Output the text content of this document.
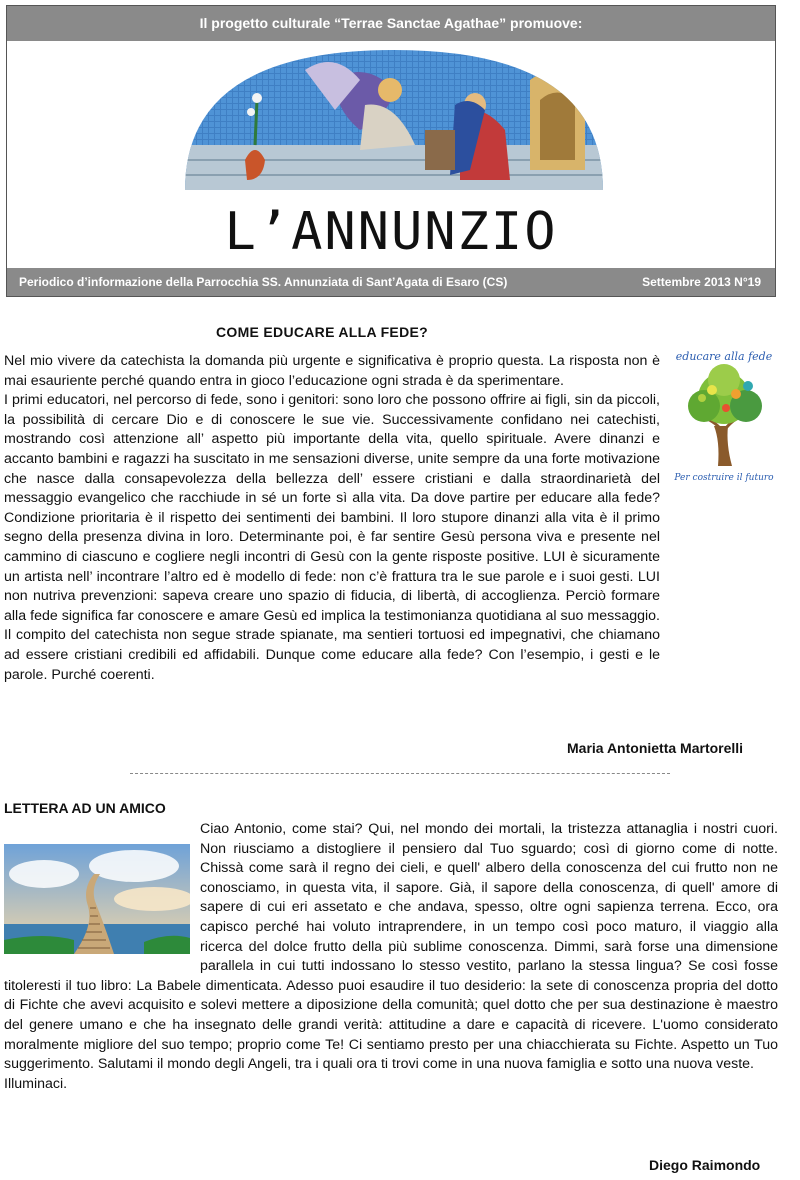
Il progetto culturale “Terrae Sanctae Agathae” promuove:
L’ANNUNZIO
Periodico d’informazione della Parrocchia SS. Annunziata di Sant’Agata di Esaro (CS)	Settembre 2013 N°19
COME EDUCARE ALLA FEDE?
educare alla fede
Per costruire il futuro

Nel mio vivere da catechista la domanda più urgente e significativa è proprio questa. La risposta non è mai esauriente perché quando entra in gioco l’educazione ogni strada è da sperimentare.

I primi educatori, nel percorso di fede, sono i genitori: sono loro che possono offrire ai figli, sin da piccoli, la possibilità di cercare Dio e di conoscere le sue vie. Successivamente confidano nei catechisti, mostrando così attenzione all’ aspetto più importante della vita, quello spirituale. Avere dinanzi e accanto bambini e ragazzi ha suscitato in me sensazioni diverse, unite sempre da una forte motivazione che nasce dalla consapevolezza della bellezza dell’ essere cristiani e dalla straordinarietà del messaggio evangelico che racchiude in sé un forte sì alla vita. Da dove partire per educare alla fede? Condizione prioritaria è il rispetto dei sentimenti dei bambini. Il loro stupore dinanzi alla vita è il primo segno della presenza divina in loro. Determinante poi, è far sentire Gesù persona viva e presente nel cammino di ciascuno e cogliere negli incontri di Gesù con la gente risposte positive. LUI è sicuramente un artista nell’ incontrare l’altro ed è modello di fede: non c’è frattura tra le sue parole e i suoi gesti. LUI non nutriva prevenzioni: sapeva creare uno spazio di fiducia, di libertà, di accoglienza. Perciò formare alla fede significa far conoscere e amare Gesù ed implica la testimonianza quotidiana al suo messaggio. Il compito del catechista non segue strade spianate, ma sentieri tortuosi ed impegnativi, che chiamano ad essere cristiani credibili ed affidabili. Dunque come educare alla fede? Con l’esempio, i gesti e le parole. Purché coerenti.

Maria Antonietta Martorelli
LETTERA AD UN AMICO

Ciao Antonio, come stai? Qui, nel mondo dei mortali, la tristezza attanaglia i nostri cuori. Non riusciamo a distogliere il pensiero dal Tuo sguardo; così di giorno come di notte. Chissà come sarà il regno dei cieli, e quell' albero della conoscenza del cui frutto non ne conosciamo, in questa vita, il sapore. Già, il sapore della conoscenza, di quell' amore di sapere di cui eri assetato e che andava, spesso, oltre ogni sapienza terrena. Ecco, ora capisco perché hai voluto intraprendere, in un tempo così poco maturo, il viaggio alla ricerca del dolce frutto della più sublime conoscenza. Dimmi, sarà forse una dimensione parallela in cui tutti indossano lo stesso vestito, parlano la stessa lingua? Se così fosse titoleresti il tuo libro: La Babele dimenticata. Adesso puoi esaudire il tuo desiderio: la sete di conoscenza propria del dotto di Fichte che avevi acquisito e solevi mettere a diposizione della comunità; quel dotto che per sua destinazione è maestro del genere umano e che ha insegnato delle grandi verità: attitudine a dare e capacità di ricevere. L'uomo considerato moralmente migliore del suo tempo; proprio come Te! Ci sentiamo presto per una chiacchierata su Fichte. Aspetto un Tuo suggerimento. Salutami il mondo degli Angeli, tra i quali ora ti trovi come in una nuova famiglia e sotto una nuova veste.

Illuminaci.

Diego Raimondo
